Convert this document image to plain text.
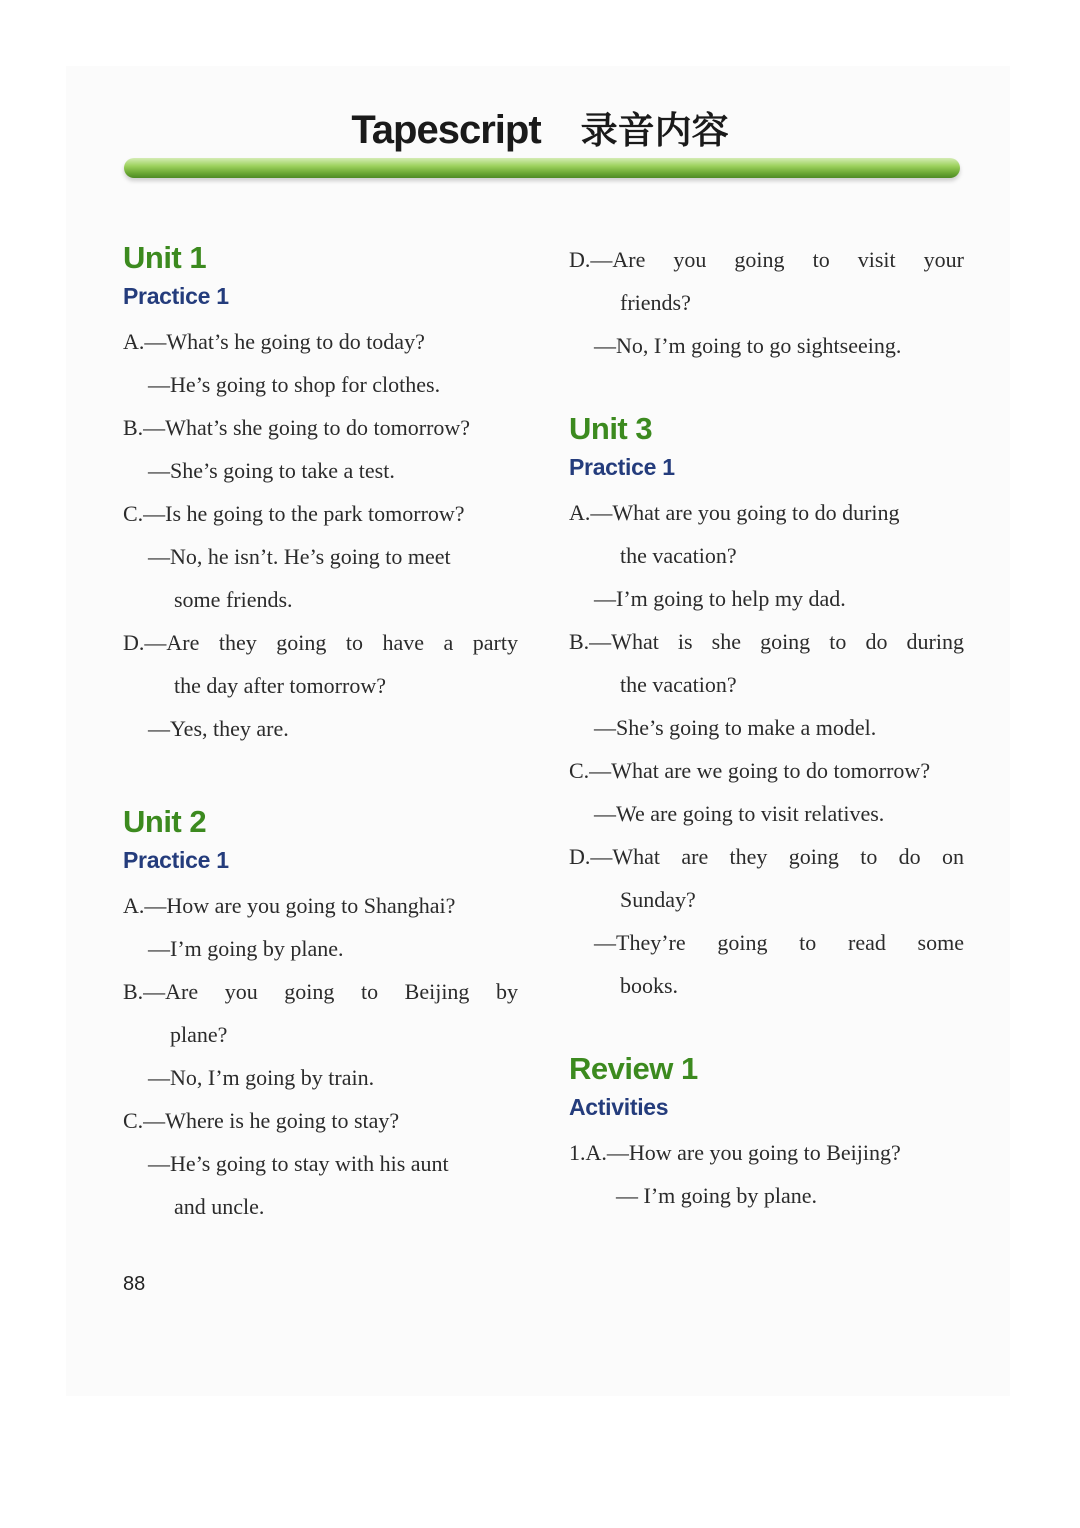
Tapescript 录音内容
Unit 1
Practice 1
A.—What’s he going to do today?
—He’s going to shop for clothes.
B.—What’s she going to do tomorrow?
—She’s going to take a test.
C.—Is he going to the park tomorrow?
—No, he isn’t. He’s going to meet
some friends.
D.—Are they going to have a party
the day after tomorrow?
—Yes, they are.
Unit 2
Practice 1
A.—How are you going to Shanghai?
—I’m going by plane.
B.—Are you going to Beijing by
plane?
—No, I’m going by train.
C.—Where is he going to stay?
—He’s going to stay with his aunt
and uncle.
D.—Are you going to visit your
friends?
—No, I’m going to go sightseeing.
Unit 3
Practice 1
A.—What are you going to do during
the vacation?
—I’m going to help my dad.
B.—What is she going to do during
the vacation?
—She’s going to make a model.
C.—What are we going to do tomorrow?
—We are going to visit relatives.
D.—What are they going to do on
Sunday?
—They’re going to read some
books.
Review 1
Activities
1.A.—How are you going to Beijing?
— I’m going by plane.
88
